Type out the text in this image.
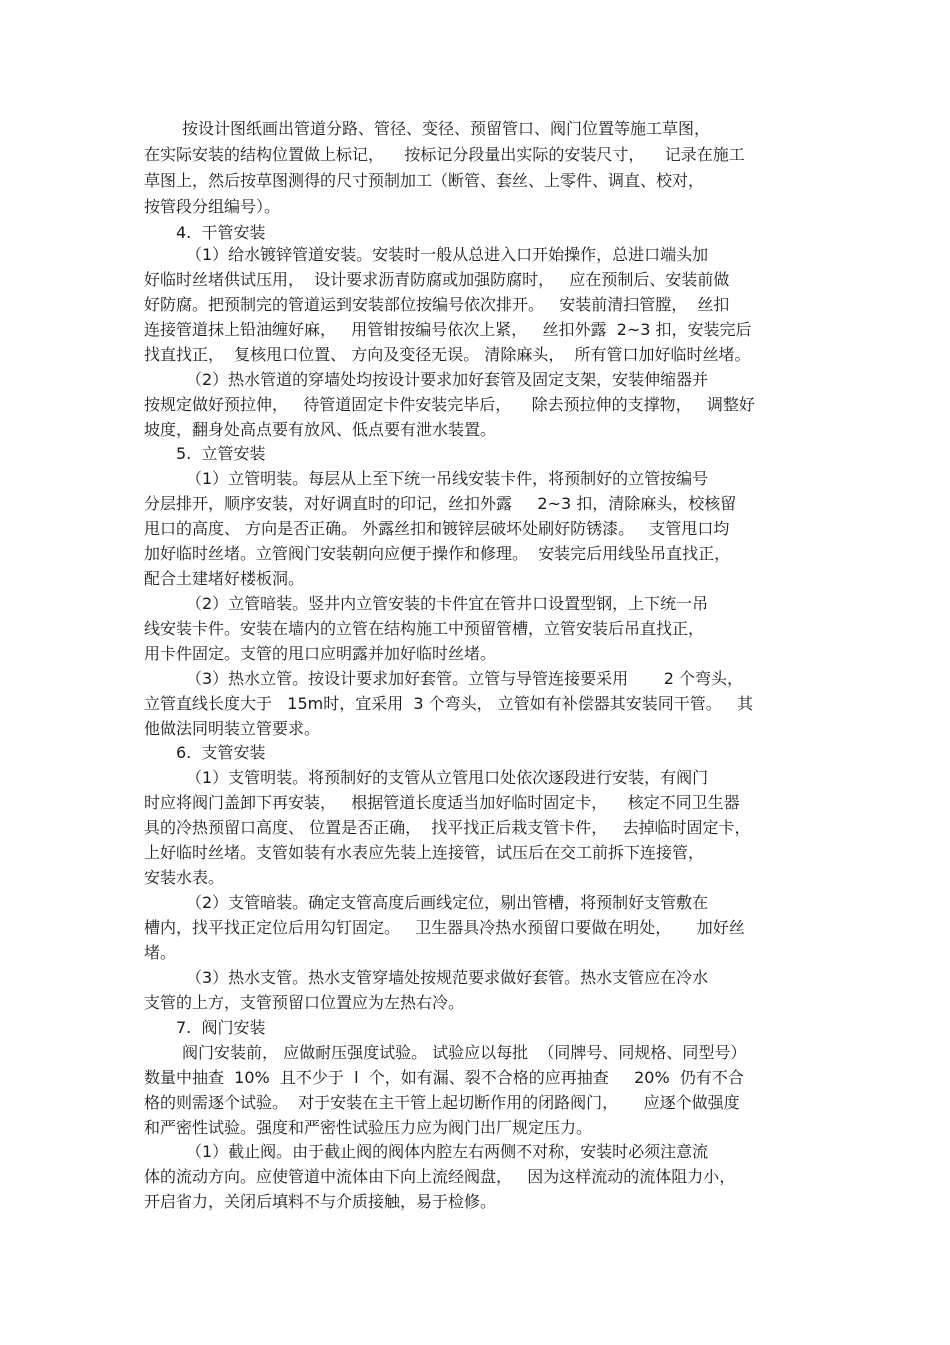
按设计图纸画出管道分路、管径、变径、预留管口、阀门位置等施工草图，
在实际安装的结构位置做上标记，    按标记分段量出实际的安装尺寸，    记录在施工
草图上，然后按草图测得的尺寸预制加工（断管、套丝、上零件、调直、校对，
按管段分组编号）。
4.  干管安装
（1）给水镀锌管道安装。安装时一般从总进入口开始操作，总进口端头加
好临时丝堵供试压用，  设计要求沥青防腐或加强防腐时，   应在预制后、安装前做
好防腐。把预制完的管道运到安装部位按编号依次排开。   安装前清扫管膛，  丝扣
连接管道抹上铅油缠好麻，   用管钳按编号依次上紧，   丝扣外露  2~3 扣，安装完后
找直找正，  复核甩口位置、 方向及变径无误。 清除麻头，  所有管口加好临时丝堵。
（2）热水管道的穿墙处均按设计要求加好套管及固定支架，安装伸缩器并
按规定做好预拉伸，   待管道固定卡件安装完毕后，    除去预拉伸的支撑物，   调整好
坡度，翻身处高点要有放风、低点要有泄水装置。
5.  立管安装
（1）立管明装。每层从上至下统一吊线安装卡件，将预制好的立管按编号
分层排开，顺序安装，对好调直时的印记，丝扣外露     2~3 扣，清除麻头，校核留
甩口的高度、 方向是否正确。 外露丝扣和镀锌层破坏处刷好防锈漆。   支管甩口均
加好临时丝堵。立管阀门安装朝向应便于操作和修理。  安装完后用线坠吊直找正，
配合土建堵好楼板洞。
（2）立管暗装。竖井内立管安装的卡件宜在管井口设置型钢，上下统一吊
线安装卡件。安装在墙内的立管在结构施工中预留管槽，立管安装后吊直找正，
用卡件固定。支管的甩口应明露并加好临时丝堵。
（3）热水立管。按设计要求加好套管。立管与导管连接要采用       2 个弯头，
立管直线长度大于   15m时，宜采用  3 个弯头， 立管如有补偿器其安装同干管。   其
他做法同明装立管要求。
6.  支管安装
（1）支管明装。将预制好的支管从立管甩口处依次逐段进行安装，有阀门
时应将阀门盖卸下再安装，   根据管道长度适当加好临时固定卡，    核定不同卫生器
具的冷热预留口高度、 位置是否正确，  找平找正后栽支管卡件，   去掉临时固定卡，
上好临时丝堵。支管如装有水表应先装上连接管，试压后在交工前拆下连接管，
安装水表。
（2）支管暗装。确定支管高度后画线定位，剔出管槽，将预制好支管敷在
槽内，找平找正定位后用勾钉固定。   卫生器具冷热水预留口要做在明处，     加好丝
堵。
（3）热水支管。热水支管穿墙处按规范要求做好套管。热水支管应在冷水
支管的上方，支管预留口位置应为左热右冷。
7.  阀门安装
阀门安装前， 应做耐压强度试验。 试验应以每批  （同牌号、同规格、同型号）
数量中抽查  10%  且不少于  l  个，如有漏、裂不合格的应再抽查     20%  仍有不合
格的则需逐个试验。  对于安装在主干管上起切断作用的闭路阀门，     应逐个做强度
和严密性试验。强度和严密性试验压力应为阀门出厂规定压力。
（1）截止阀。由于截止阀的阀体内腔左右两侧不对称，安装时必须注意流
体的流动方向。应使管道中流体由下向上流经阀盘，   因为这样流动的流体阻力小，
开启省力，关闭后填料不与介质接触，易于检修。
